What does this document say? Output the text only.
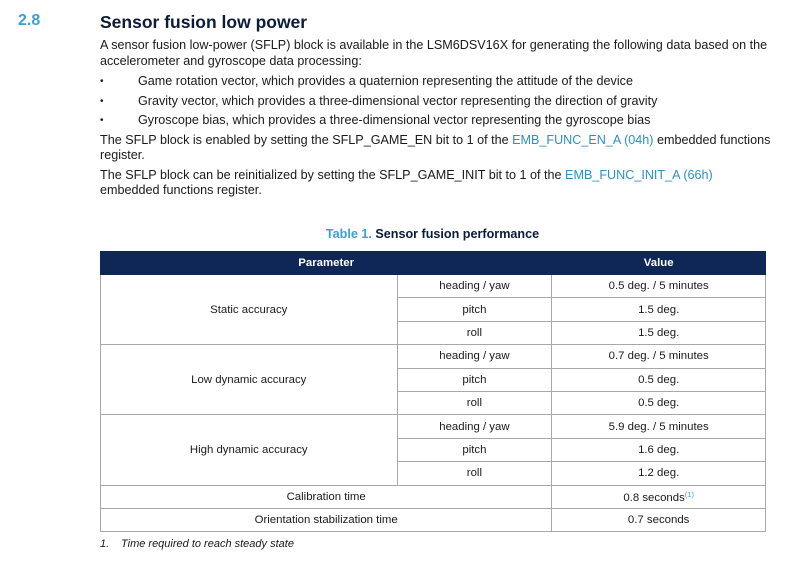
2.8	Sensor fusion low power

A sensor fusion low-power (SFLP) block is available in the LSM6DSV16X for generating the following data based on the accelerometer and gyroscope data processing:

•	Game rotation vector, which provides a quaternion representing the attitude of the device
•	Gravity vector, which provides a three-dimensional vector representing the direction of gravity
•	Gyroscope bias, which provides a three-dimensional vector representing the gyroscope bias

The SFLP block is enabled by setting the SFLP_GAME_EN bit to 1 of the EMB_FUNC_EN_A (04h) embedded functions register.

The SFLP block can be reinitialized by setting the SFLP_GAME_INIT bit to 1 of the EMB_FUNC_INIT_A (66h) embedded functions register.

Table 1. Sensor fusion performance
Parameter		Value
Static accuracy	heading / yaw	0.5 deg. / 5 minutes
	pitch	1.5 deg.
	roll	1.5 deg.
Low dynamic accuracy	heading / yaw	0.7 deg. / 5 minutes
	pitch	0.5 deg.
	roll	0.5 deg.
High dynamic accuracy	heading / yaw	5.9 deg. / 5 minutes
	pitch	1.6 deg.
	roll	1.2 deg.
Calibration time		0.8 seconds$^{(1)}$
Orientation stabilization time		0.7 seconds
1. Time required to reach steady state
